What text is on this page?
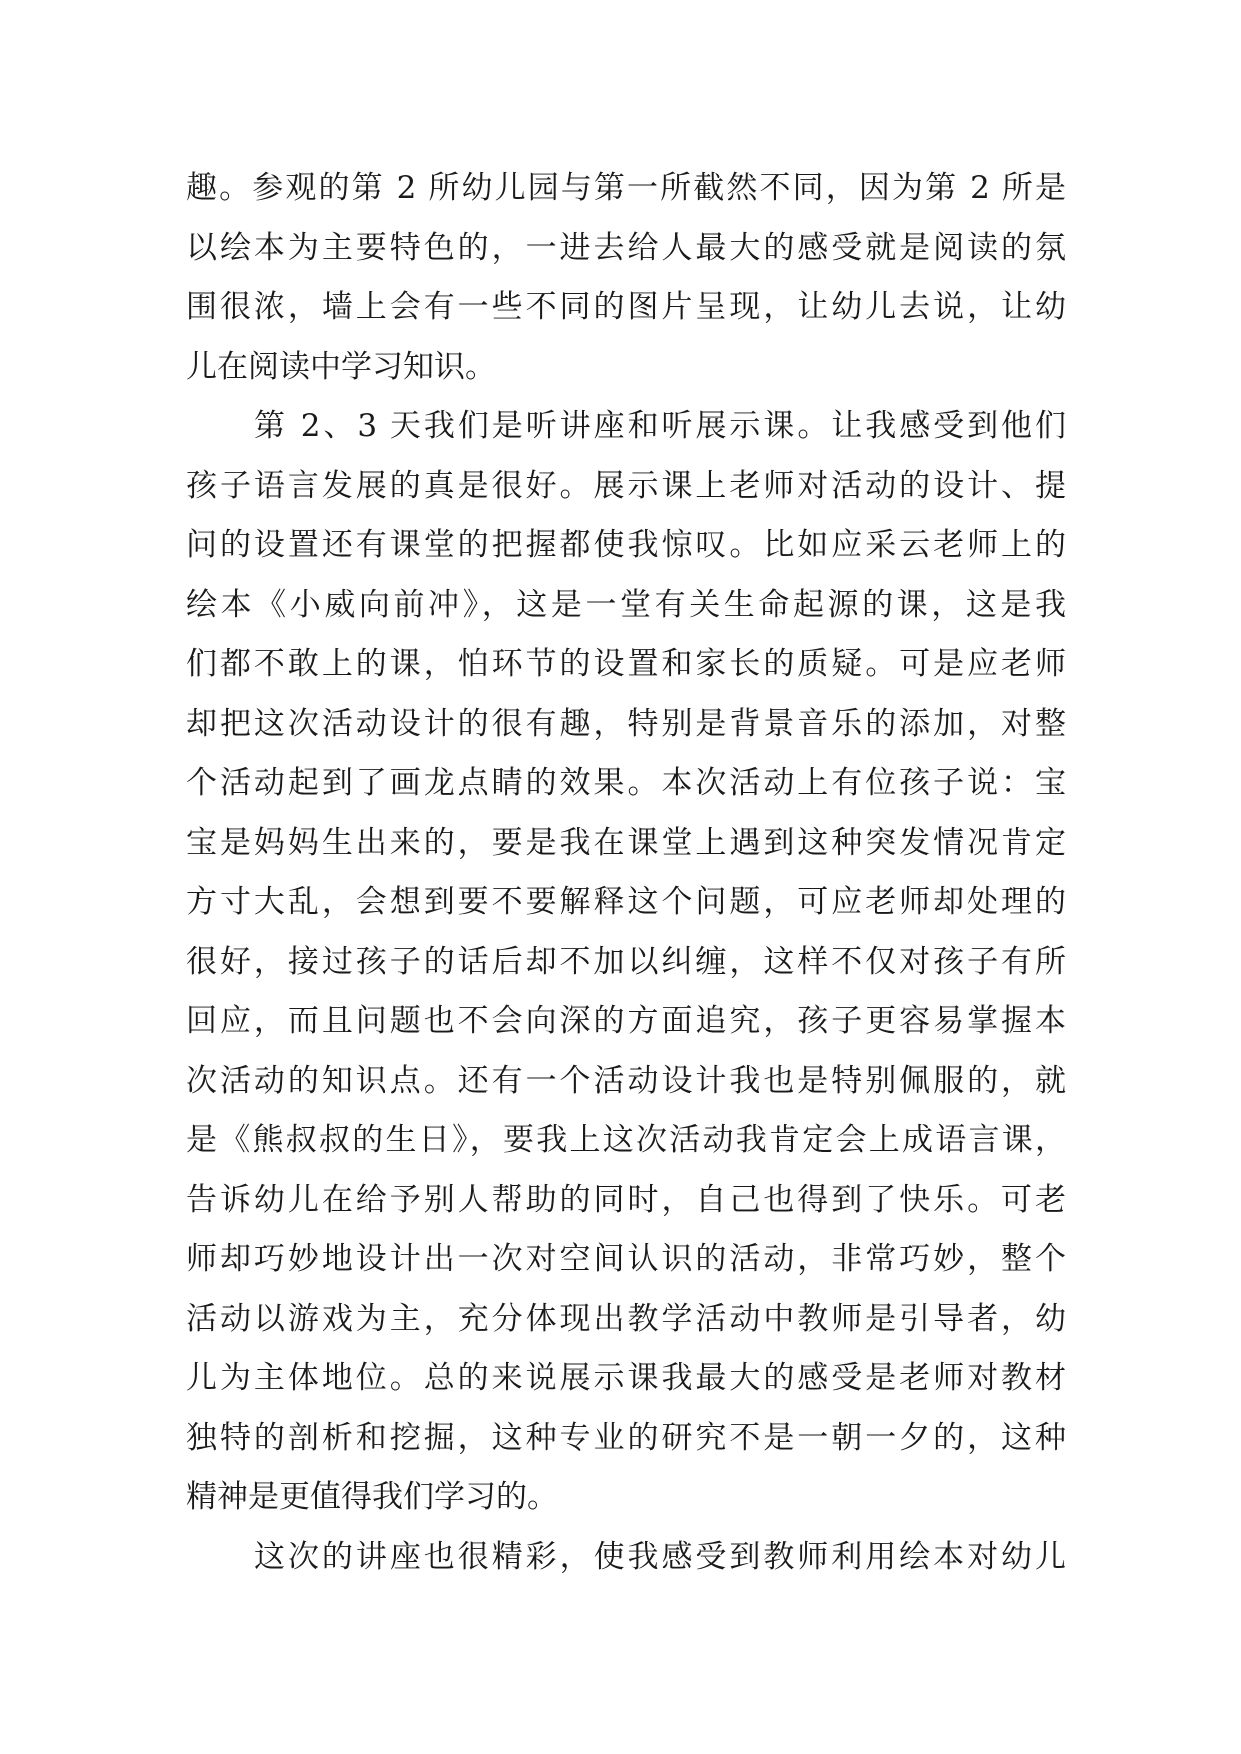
趣。参观的第 2 所幼儿园与第一所截然不同，因为第 2 所是
以绘本为主要特色的，一进去给人最大的感受就是阅读的氛
围很浓，墙上会有一些不同的图片呈现，让幼儿去说，让幼
儿在阅读中学习知识。
第 2、3 天我们是听讲座和听展示课。让我感受到他们
孩子语言发展的真是很好。展示课上老师对活动的设计、提
问的设置还有课堂的把握都使我惊叹。比如应采云老师上的
绘本《小威向前冲》，这是一堂有关生命起源的课，这是我
们都不敢上的课，怕环节的设置和家长的质疑。可是应老师
却把这次活动设计的很有趣，特别是背景音乐的添加，对整
个活动起到了画龙点睛的效果。本次活动上有位孩子说：宝
宝是妈妈生出来的，要是我在课堂上遇到这种突发情况肯定
方寸大乱，会想到要不要解释这个问题，可应老师却处理的
很好，接过孩子的话后却不加以纠缠，这样不仅对孩子有所
回应，而且问题也不会向深的方面追究，孩子更容易掌握本
次活动的知识点。还有一个活动设计我也是特别佩服的，就
是《熊叔叔的生日》，要我上这次活动我肯定会上成语言课，
告诉幼儿在给予别人帮助的同时，自己也得到了快乐。可老
师却巧妙地设计出一次对空间认识的活动，非常巧妙，整个
活动以游戏为主，充分体现出教学活动中教师是引导者，幼
儿为主体地位。总的来说展示课我最大的感受是老师对教材
独特的剖析和挖掘，这种专业的研究不是一朝一夕的，这种
精神是更值得我们学习的。
这次的讲座也很精彩，使我感受到教师利用绘本对幼儿
